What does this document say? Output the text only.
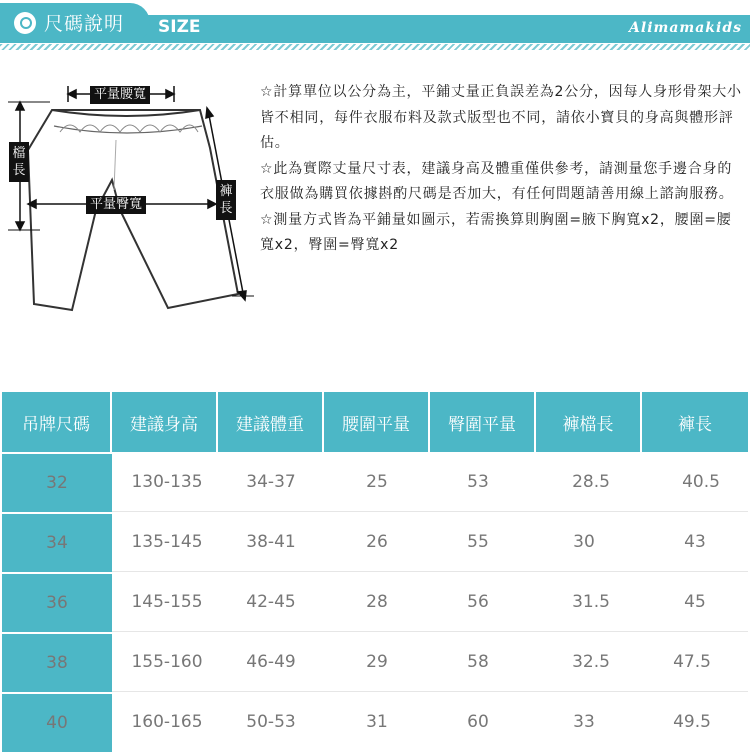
尺碼說明 SIZE	Alimamakids
平量腰寬
平量臀寬
檔長
褲長

☆計算單位以公分為主，平鋪丈量正負誤差為2公分，因每人身形骨架大小皆不相同，每件衣服布料及款式版型也不同，請依小寶貝的身高與體形評估。

☆此為實際丈量尺寸表，建議身高及體重僅供參考，請測量您手邊合身的衣服做為購買依據斟酌尺碼是否加大，有任何問題請善用線上諮詢服務。

☆測量方式皆為平鋪量如圖示，若需換算則胸圍=腋下胸寬x2，腰圍=腰寬x2，臀圍=臀寬x2

吊牌尺碼	建議身高	建議體重	腰圍平量	臀圍平量	褲檔長	褲長
32	130-135	34-37	25	53	28.5	40.5
34	135-145	38-41	26	55	30	43
36	145-155	42-45	28	56	31.5	45
38	155-160	46-49	29	58	32.5	47.5
40	160-165	50-53	31	60	33	49.5
